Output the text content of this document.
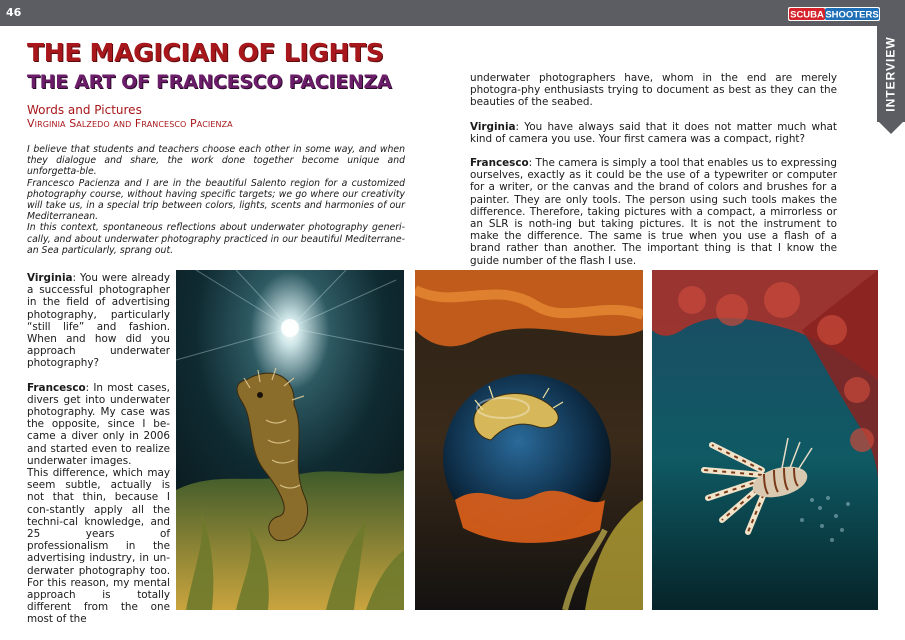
46	SCUBA SHOOTERS
INTERVIEW
THE MAGICIAN OF LIGHTS
THE ART OF FRANCESCO PACIENZA
Words and Pictures
Virginia Salzedo and Francesco Pacienza

I believe that students and teachers choose each other in some way, and when they dialogue and share, the work done together become unique and unforgetta-ble.

Francesco Pacienza and I are in the beautiful Salento region for a customized photography course, without having specific targets; we go where our creativity will take us, in a special trip between colors, lights, scents and harmonies of our Mediterranean.

In this context, spontaneous reflections about underwater photography generi-cally, and about underwater photography practiced in our beautiful Mediterrane-an Sea particularly, sprang out.

underwater photographers have, whom in the end are merely photogra-phy enthusiasts trying to document as best as they can the beauties of the seabed.

Virginia: You have always said that it does not matter much what kind of camera you use. Your first camera was a compact, right?

Francesco: The camera is simply a tool that enables us to expressing ourselves, exactly as it could be the use of a typewriter or computer for a writer, or the canvas and the brand of colors and brushes for a painter. They are only tools. The person using such tools makes the difference. Therefore, taking pictures with a compact, a mirrorless or an SLR is noth-ing but taking pictures. It is not the instrument to make the difference. The same is true when you use a flash of a brand rather than another. The important thing is that I know the guide number of the flash I use.

Virginia: You were already a successful photographer in the field of advertising photography, particularly “still life” and fashion. When and how did you approach underwater photography?

Francesco: In most cases, divers get into underwater photography. My case was the opposite, since I be-came a diver only in 2006 and started even to realize underwater images.

This difference, which may seem subtle, actually is not that thin, because I con-stantly apply all the techni-cal knowledge, and 25 years of professionalism in the advertising industry, in un-derwater photography too. For this reason, my mental approach is totally different from the one most of the
